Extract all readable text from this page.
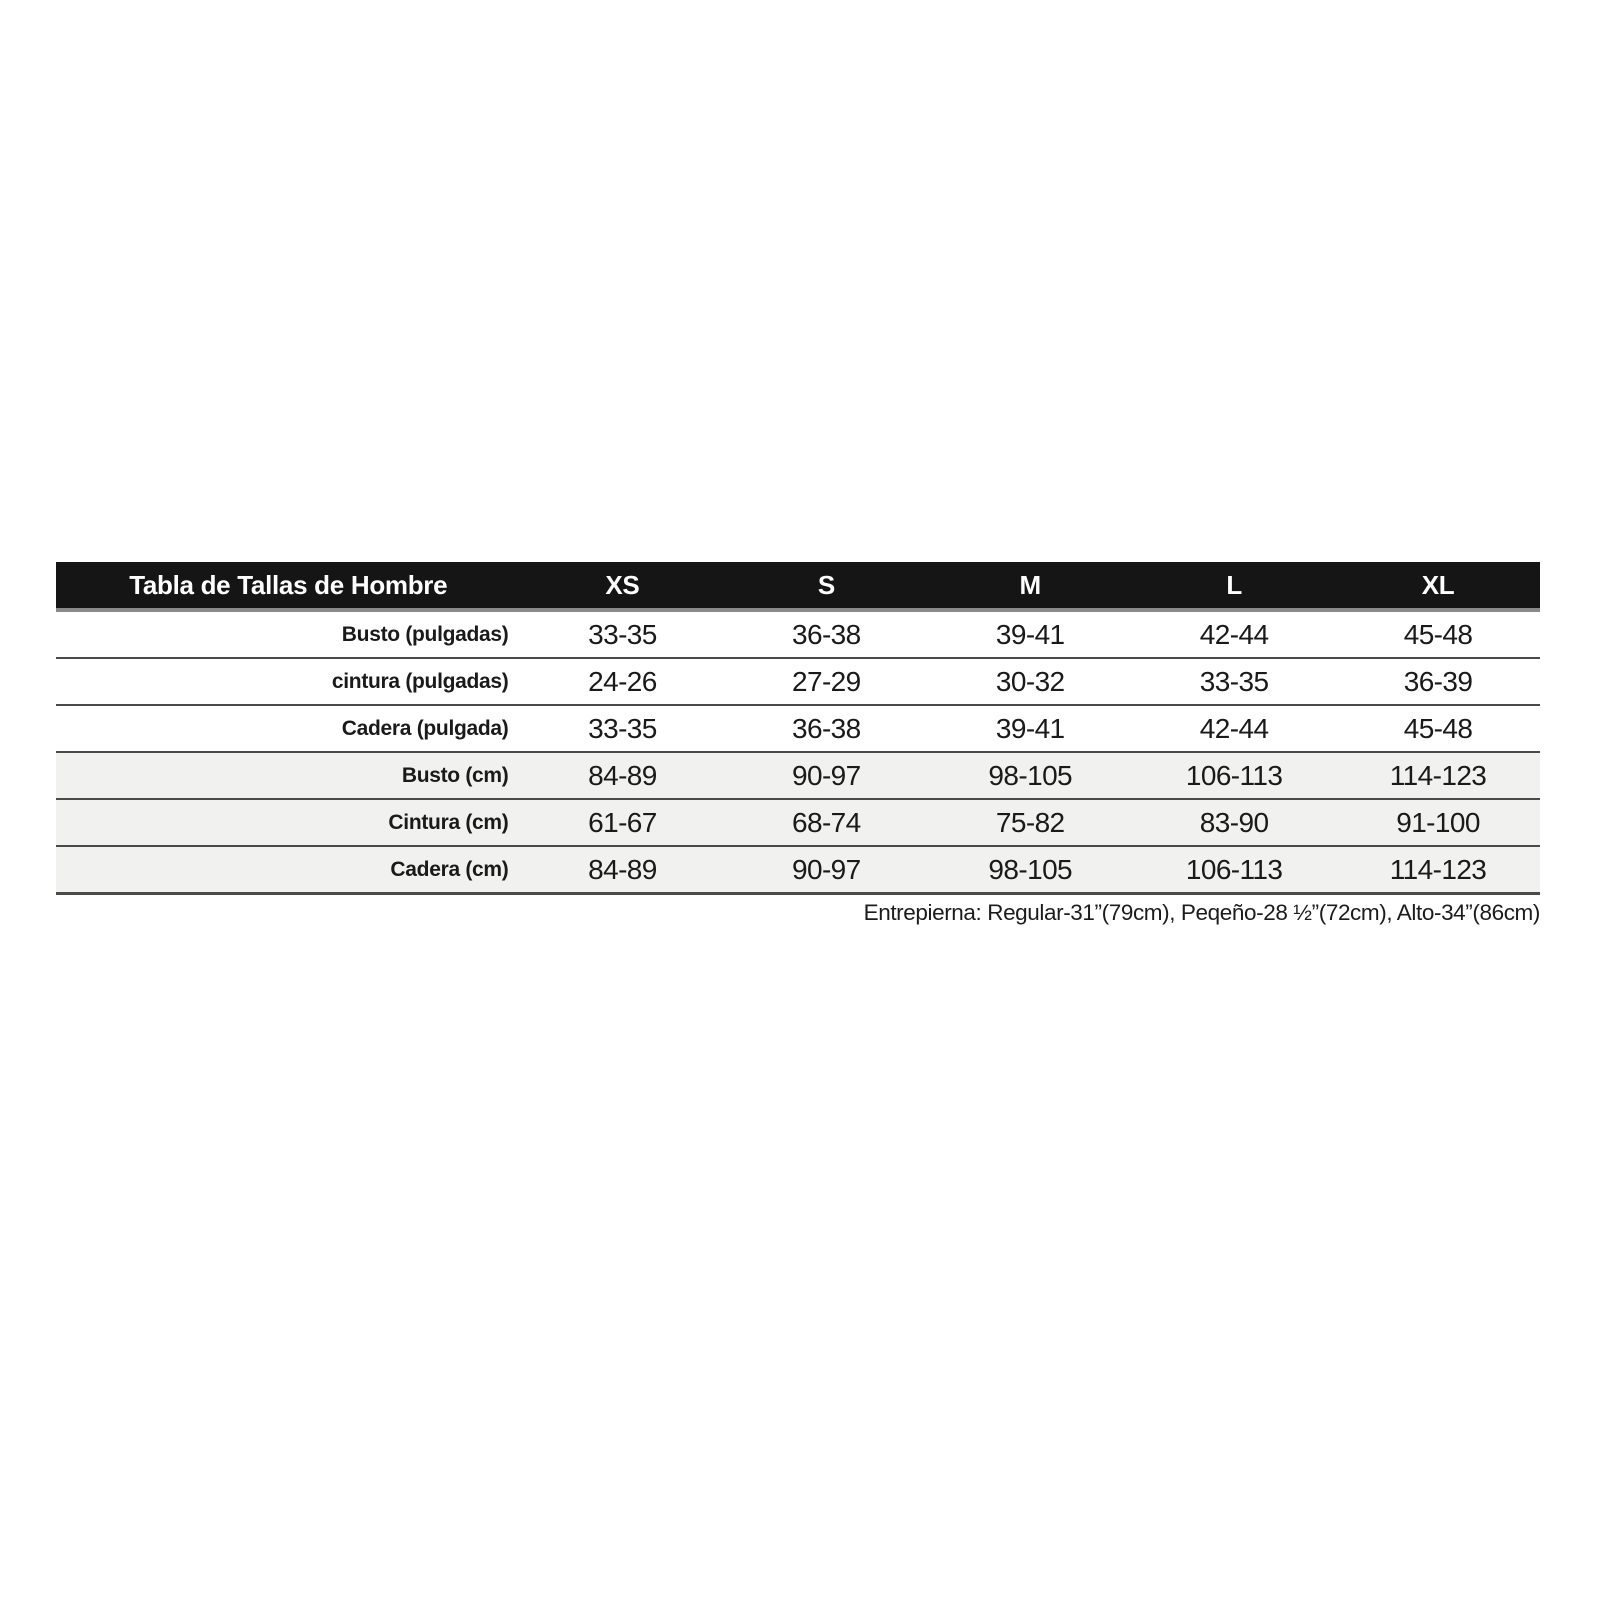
Tabla de Tallas de Hombre	XS	S	M	L	XL
Busto (pulgadas)	33-35	36-38	39-41	42-44	45-48
cintura (pulgadas)	24-26	27-29	30-32	33-35	36-39
Cadera (pulgada)	33-35	36-38	39-41	42-44	45-48
Busto (cm)	84-89	90-97	98-105	106-113	114-123
Cintura (cm)	61-67	68-74	75-82	83-90	91-100
Cadera (cm)	84-89	90-97	98-105	106-113	114-123
Entrepierna: Regular-31”(79cm), Peqeño-28 ½”(72cm), Alto-34”(86cm)
